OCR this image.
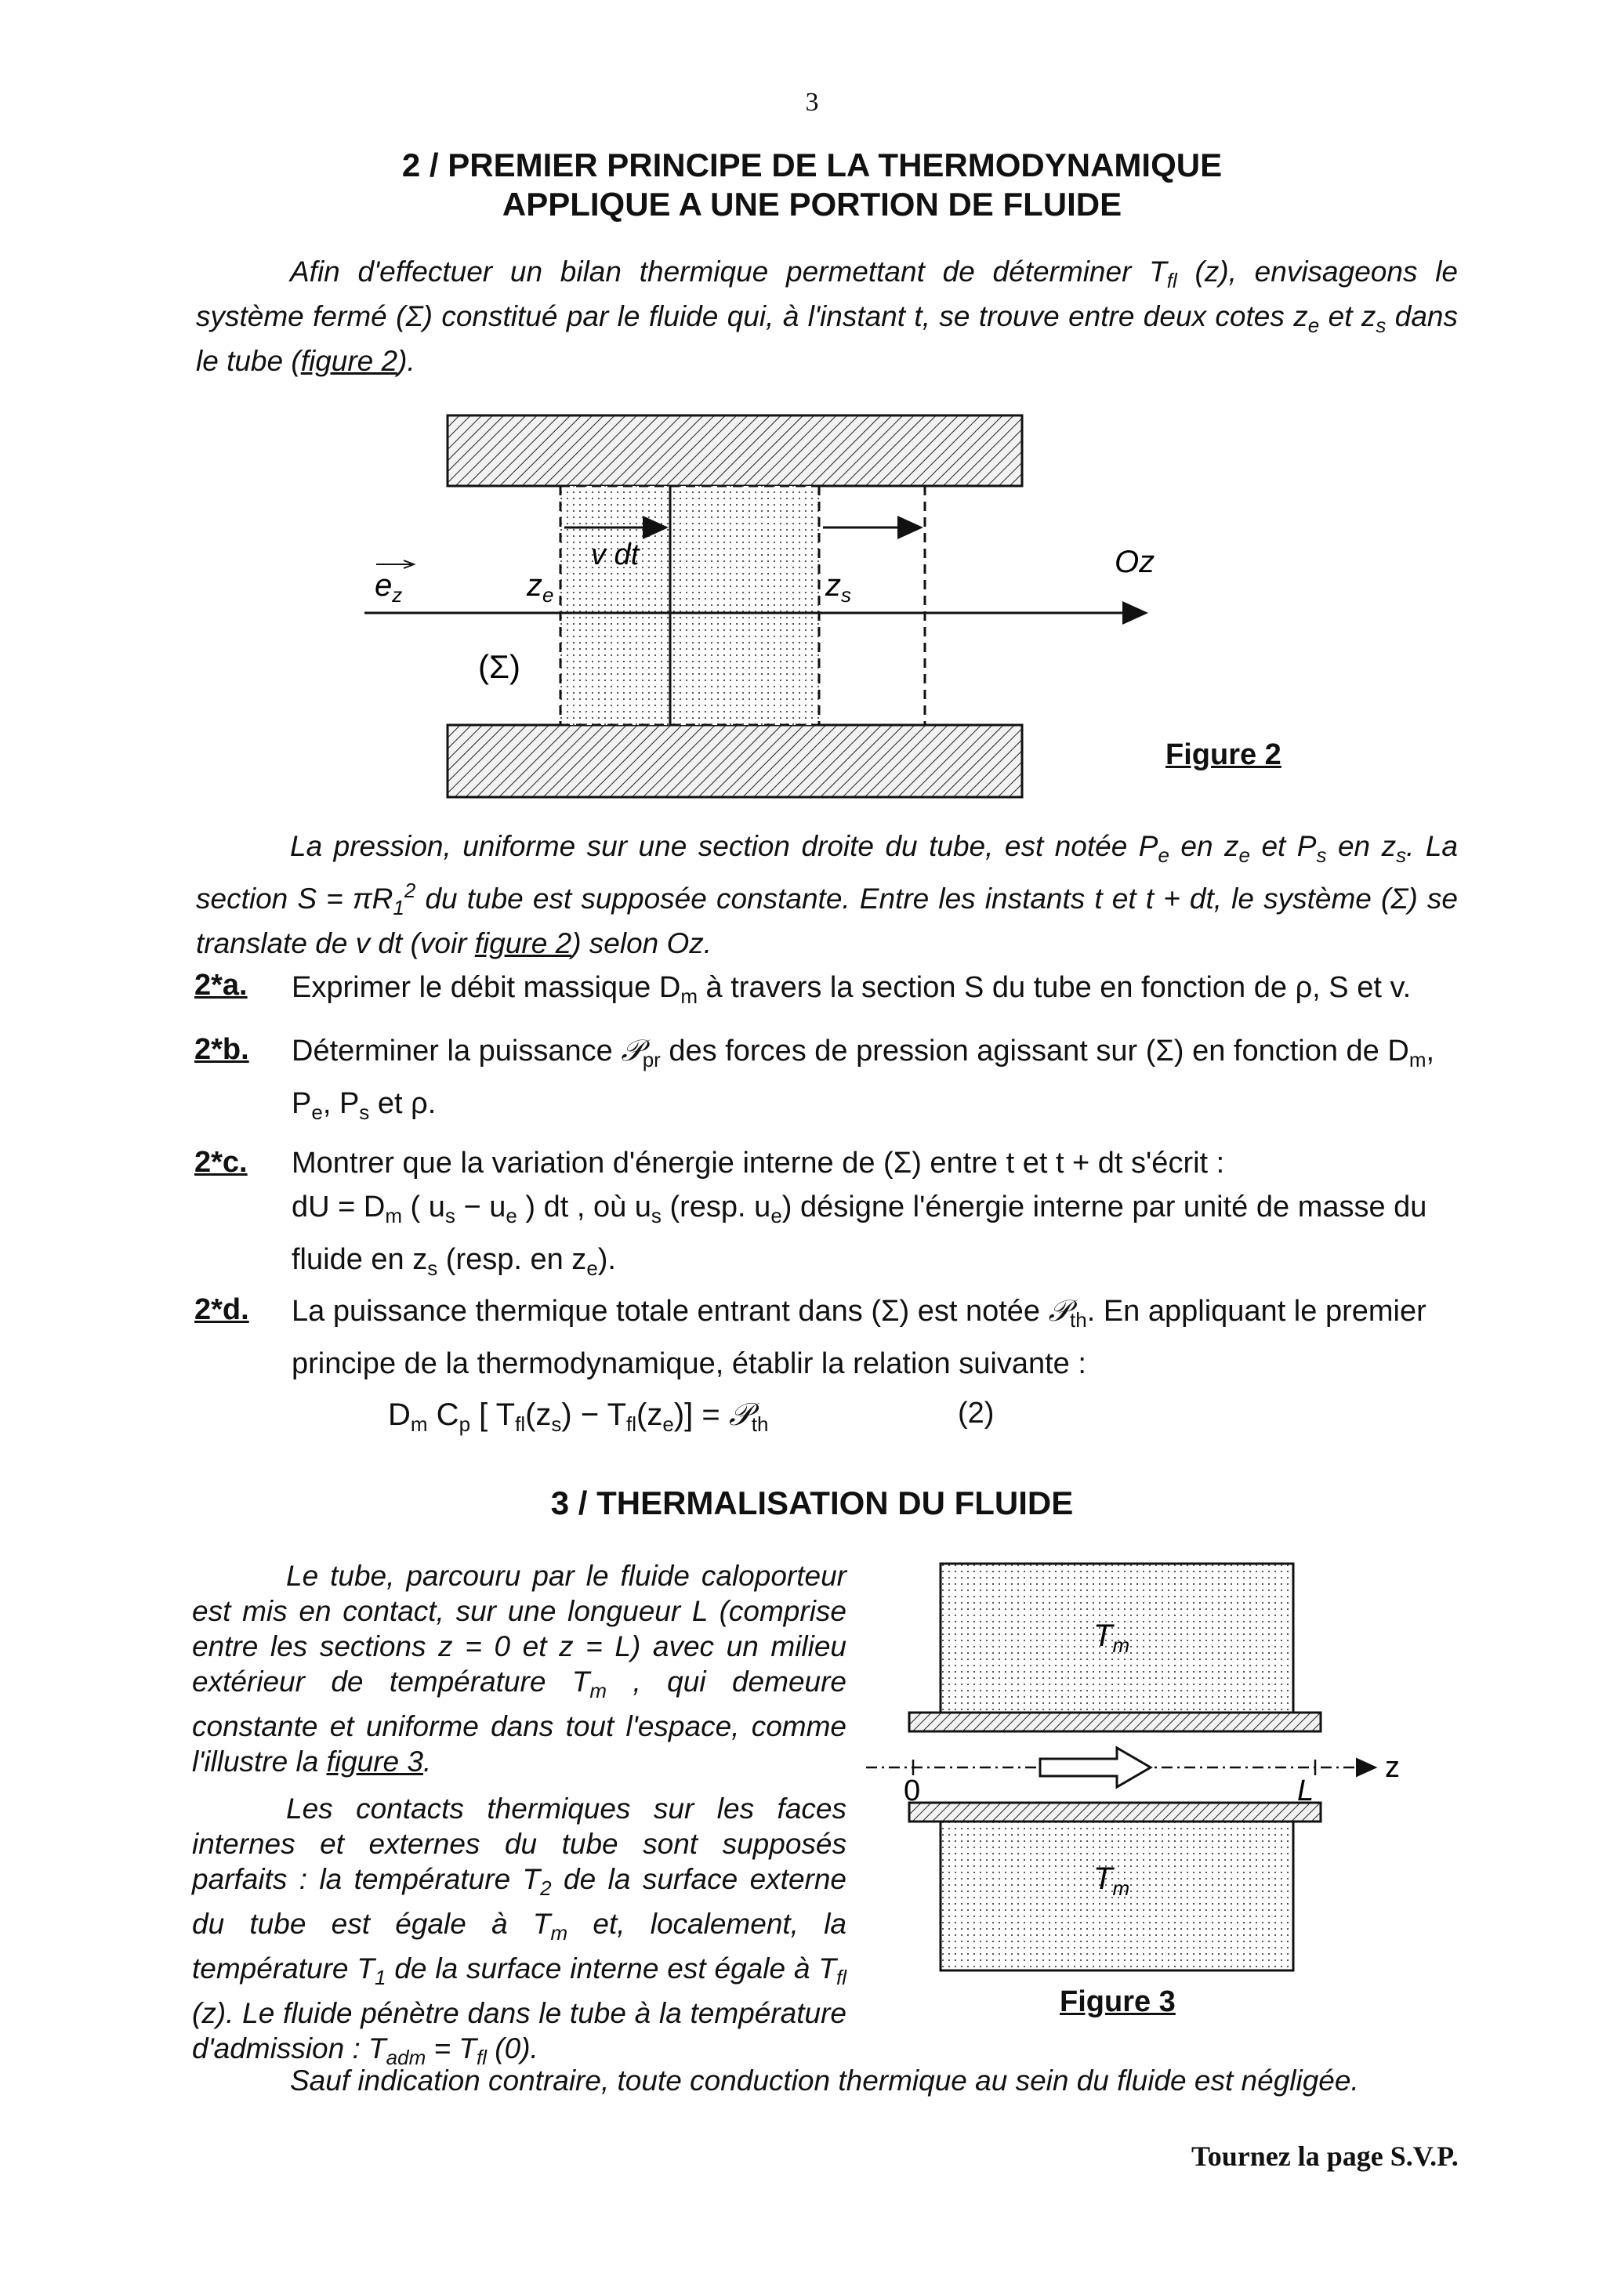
3
2 / PREMIER PRINCIPE DE LA THERMODYNAMIQUE
APPLIQUE A UNE PORTION DE FLUIDE
Afin d'effectuer un bilan thermique permettant de déterminer $T_{fl}$ (z), envisageons le système fermé (Σ) constitué par le fluide qui, à l'instant t, se trouve entre deux cotes $z_e$ et $z_s$ dans le tube (figure 2).
$e_z$	$z_e$	$z_s$
v dt	Oz
(Σ)
Figure 2
La pression, uniforme sur une section droite du tube, est notée $P_e$ en $z_e$ et $P_s$ en $z_s$. La section $S = \pi R_1^2$ du tube est supposée constante. Entre les instants t et t + dt, le système (Σ) se translate de v dt (voir figure 2) selon Oz.
2*a. Exprimer le débit massique $D_m$ à travers la section S du tube en fonction de ρ, S et v.
2*b. Déterminer la puissance 𝒫$_{pr}$ des forces de pression agissant sur (Σ) en fonction de $D_m$,
$P_e$, $P_s$ et ρ.
2*c. Montrer que la variation d'énergie interne de (Σ) entre t et t + dt s'écrit :
dU = $D_m$ ( $u_s - u_e$ ) dt , où $u_s$ (resp. $u_e$) désigne l'énergie interne par unité de masse du
fluide en $z_s$ (resp. en $z_e$).
2*d. La puissance thermique totale entrant dans (Σ) est notée 𝒫$_{th}$. En appliquant le premier
principe de la thermodynamique, établir la relation suivante :
$D_m$ $C_p$ [ $T_{fl}(z_s) - T_{fl}(z_e)$] = 𝒫$_{th}$	(2)
3 / THERMALISATION DU FLUIDE
Le tube, parcouru par le fluide caloporteur est mis en contact, sur une longueur L (comprise entre les sections z = 0 et z = L) avec un milieu extérieur de température $T_m$ , qui demeure constante et uniforme dans tout l'espace, comme l'illustre la figure 3.
Les contacts thermiques sur les faces internes et externes du tube sont supposés parfaits : la température $T_2$ de la surface externe du tube est égale à $T_m$ et, localement, la température $T_1$ de la surface interne est égale à $T_{fl}$ (z). Le fluide pénètre dans le tube à la température d'admission : $T_{adm} = T_{fl}$ (0).
$T_m$
$T_m$
0	L
z
Figure 3
Sauf indication contraire, toute conduction thermique au sein du fluide est négligée.
Tournez la page S.V.P.
